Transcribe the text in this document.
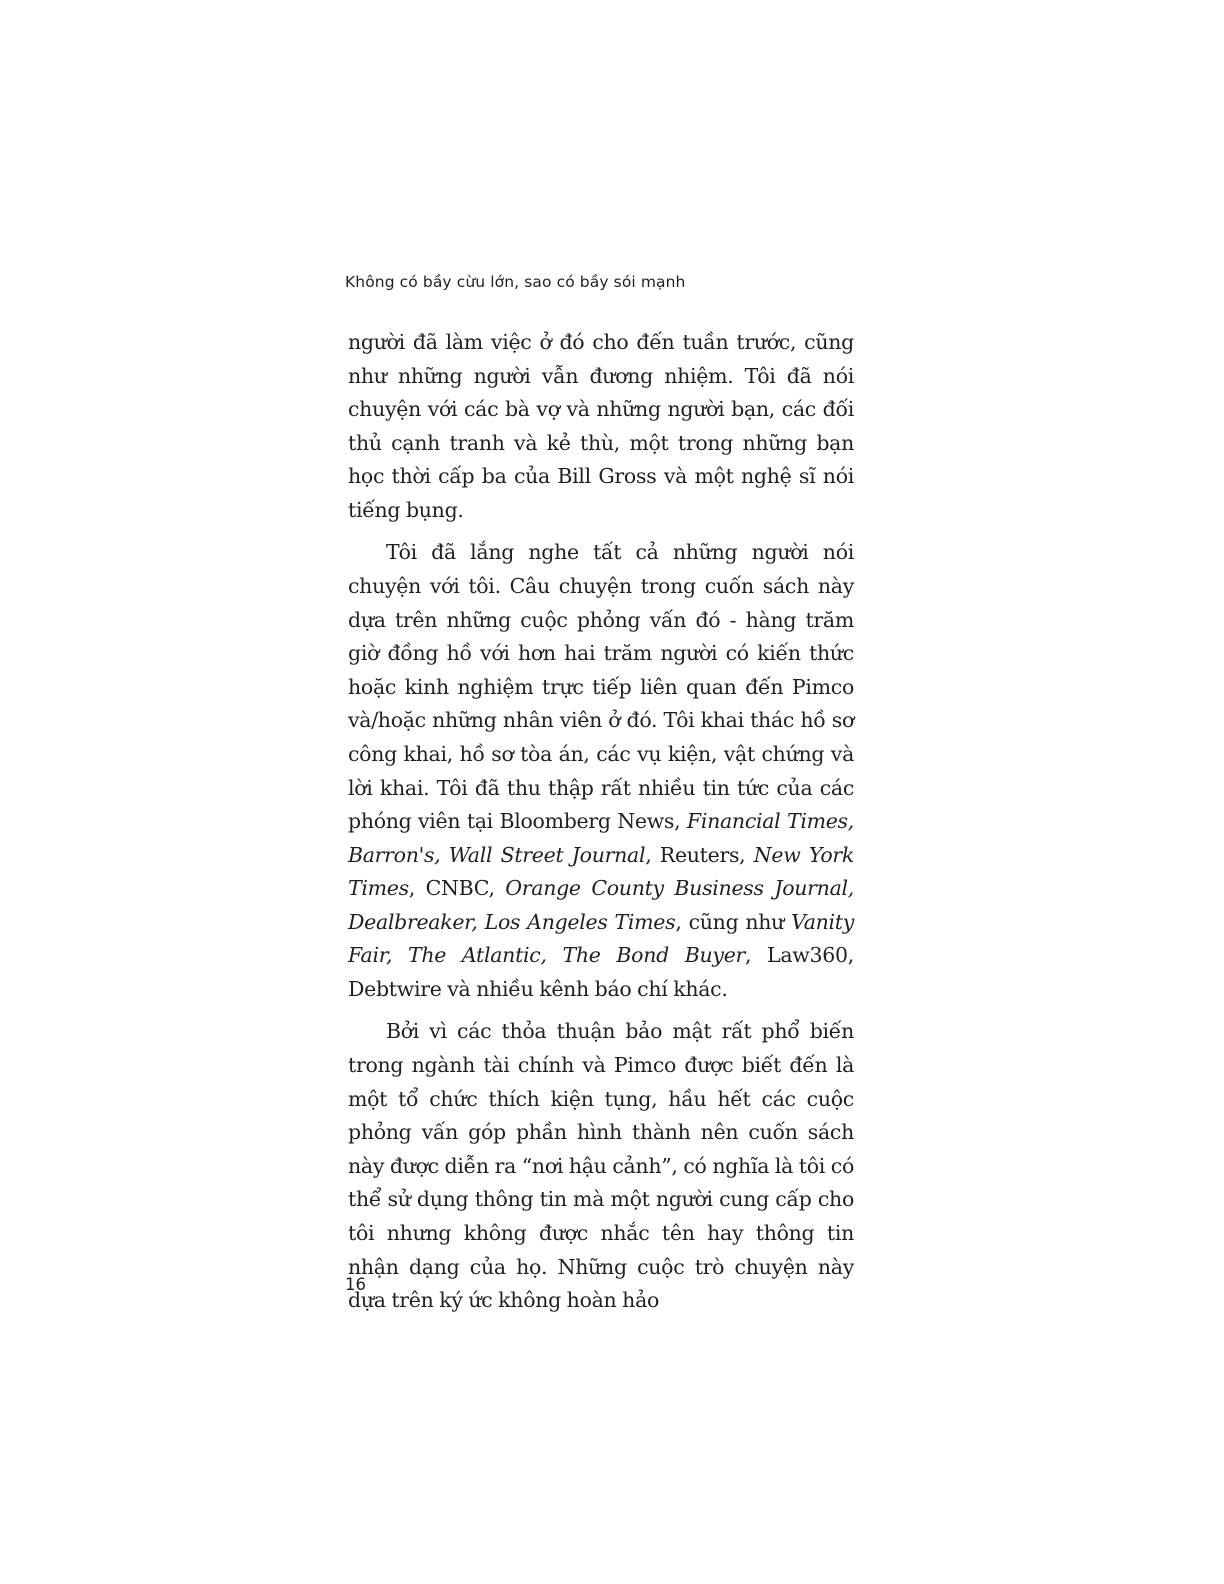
Không có bầy cừu lớn, sao có bầy sói mạnh

người đã làm việc ở đó cho đến tuần trước, cũng như những người vẫn đương nhiệm. Tôi đã nói chuyện với các bà vợ và những người bạn, các đối thủ cạnh tranh và kẻ thù, một trong những bạn học thời cấp ba của Bill Gross và một nghệ sĩ nói tiếng bụng.

Tôi đã lắng nghe tất cả những người nói chuyện với tôi. Câu chuyện trong cuốn sách này dựa trên những cuộc phỏng vấn đó - hàng trăm giờ đồng hồ với hơn hai trăm người có kiến thức hoặc kinh nghiệm trực tiếp liên quan đến Pimco và/hoặc những nhân viên ở đó. Tôi khai thác hồ sơ công khai, hồ sơ tòa án, các vụ kiện, vật chứng và lời khai. Tôi đã thu thập rất nhiều tin tức của các phóng viên tại Bloomberg News, Financial Times, Barron's, Wall Street Journal, Reuters, New York Times, CNBC, Orange County Business Journal, Dealbreaker, Los Angeles Times, cũng như Vanity Fair, The Atlantic, The Bond Buyer, Law360, Debtwire và nhiều kênh báo chí khác.

Bởi vì các thỏa thuận bảo mật rất phổ biến trong ngành tài chính và Pimco được biết đến là một tổ chức thích kiện tụng, hầu hết các cuộc phỏng vấn góp phần hình thành nên cuốn sách này được diễn ra “nơi hậu cảnh”, có nghĩa là tôi có thể sử dụng thông tin mà một người cung cấp cho tôi nhưng không được nhắc tên hay thông tin nhận dạng của họ. Những cuộc trò chuyện này dựa trên ký ức không hoàn hảo

16
